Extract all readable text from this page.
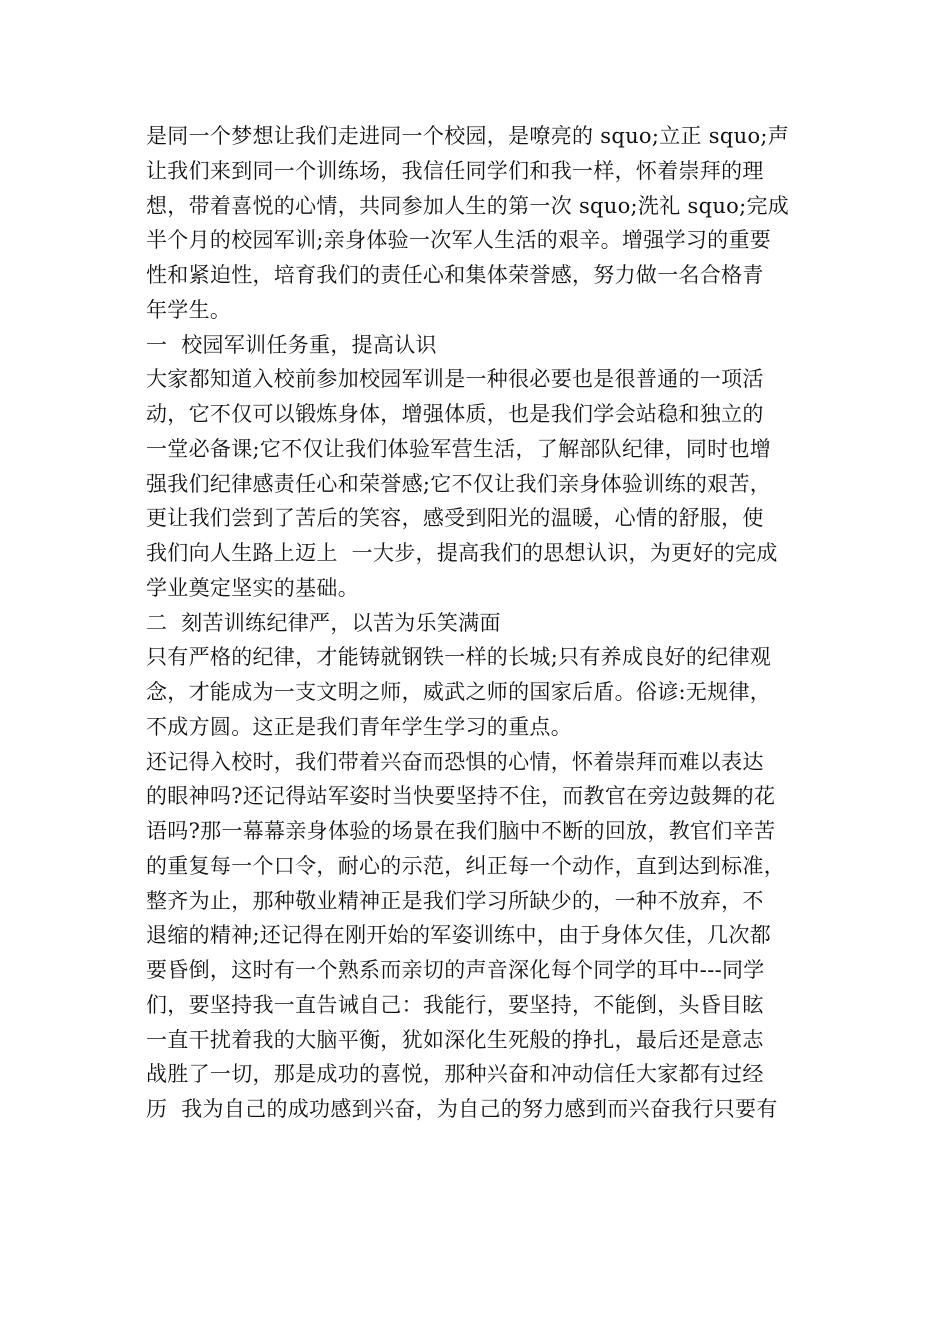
是同一个梦想让我们走进同一个校园，是嘹亮的 squo;立正 squo;声
让我们来到同一个训练场，我信任同学们和我一样，怀着崇拜的理
想，带着喜悦的心情，共同参加人生的第一次 squo;洗礼 squo;完成
半个月的校园军训;亲身体验一次军人生活的艰辛。增强学习的重要
性和紧迫性，培育我们的责任心和集体荣誉感，努力做一名合格青
年学生。
一  校园军训任务重，提高认识
大家都知道入校前参加校园军训是一种很必要也是很普通的一项活
动，它不仅可以锻炼身体，增强体质，也是我们学会站稳和独立的
一堂必备课;它不仅让我们体验军营生活，了解部队纪律，同时也增
强我们纪律感责任心和荣誉感;它不仅让我们亲身体验训练的艰苦，
更让我们尝到了苦后的笑容，感受到阳光的温暖，心情的舒服，使
我们向人生路上迈上  一大步，提高我们的思想认识，为更好的完成
学业奠定坚实的基础。
二  刻苦训练纪律严，以苦为乐笑满面
只有严格的纪律，才能铸就钢铁一样的长城;只有养成良好的纪律观
念，才能成为一支文明之师，威武之师的国家后盾。俗谚:无规律，
不成方圆。这正是我们青年学生学习的重点。
还记得入校时，我们带着兴奋而恐惧的心情，怀着崇拜而难以表达
的眼神吗?还记得站军姿时当快要坚持不住，而教官在旁边鼓舞的花
语吗?那一幕幕亲身体验的场景在我们脑中不断的回放，教官们辛苦
的重复每一个口令，耐心的示范，纠正每一个动作，直到达到标准，
整齐为止，那种敬业精神正是我们学习所缺少的，一种不放弃，不
退缩的精神;还记得在刚开始的军姿训练中，由于身体欠佳，几次都
要昏倒，这时有一个熟系而亲切的声音深化每个同学的耳中---同学
们，要坚持我一直告诫自己：我能行，要坚持，不能倒，头昏目眩
一直干扰着我的大脑平衡，犹如深化生死般的挣扎，最后还是意志
战胜了一切，那是成功的喜悦，那种兴奋和冲动信任大家都有过经
历  我为自己的成功感到兴奋，为自己的努力感到而兴奋我行只要有
